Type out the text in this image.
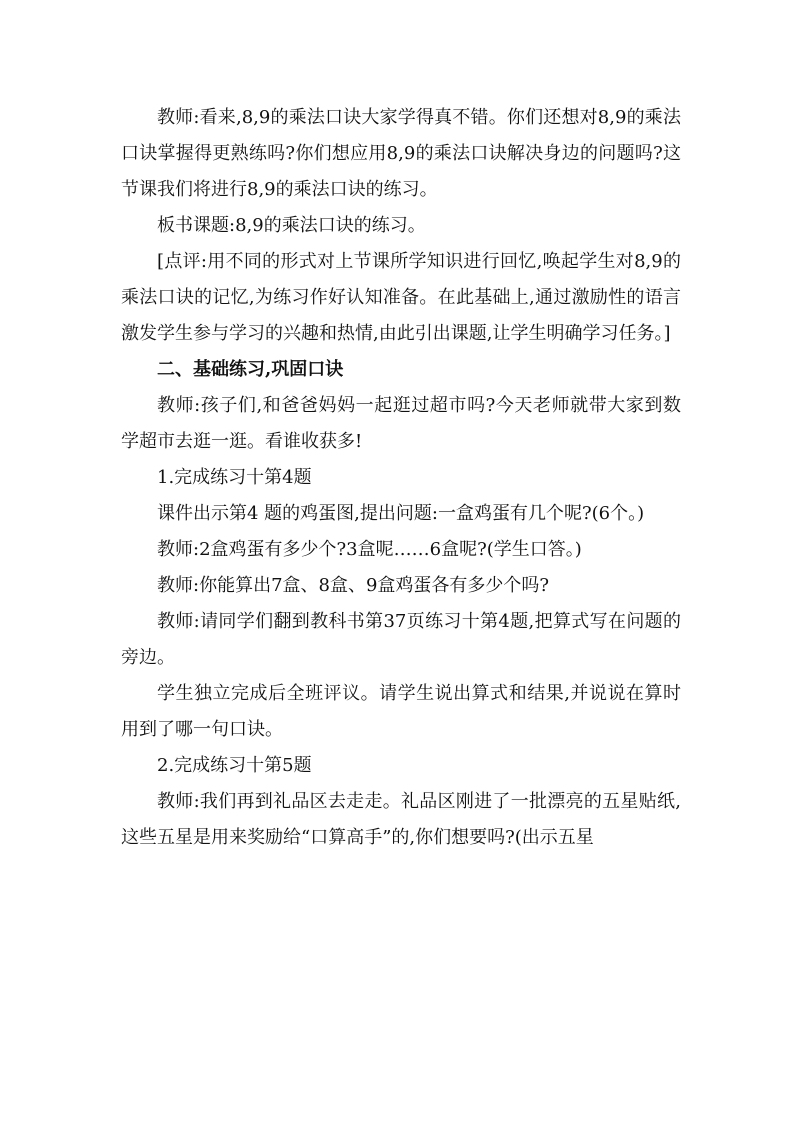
教师:看来,8,9的乘法口诀大家学得真不错。你们还想对8,9的乘法口诀掌握得更熟练吗?你们想应用8,9的乘法口诀解决身边的问题吗?这节课我们将进行8,9的乘法口诀的练习。

板书课题:8,9的乘法口诀的练习。

[点评:用不同的形式对上节课所学知识进行回忆,唤起学生对8,9的乘法口诀的记忆,为练习作好认知准备。在此基础上,通过激励性的语言激发学生参与学习的兴趣和热情,由此引出课题,让学生明确学习任务。]

二、基础练习,巩固口诀

教师:孩子们,和爸爸妈妈一起逛过超市吗?今天老师就带大家到数学超市去逛一逛。看谁收获多!

1.完成练习十第4题

课件出示第4 题的鸡蛋图,提出问题:一盒鸡蛋有几个呢?(6个。)

教师:2盒鸡蛋有多少个?3盒呢……6盒呢?(学生口答。)

教师:你能算出7盒、8盒、9盒鸡蛋各有多少个吗?

教师:请同学们翻到教科书第37页练习十第4题,把算式写在问题的旁边。

学生独立完成后全班评议。请学生说出算式和结果,并说说在算时用到了哪一句口诀。

2.完成练习十第5题

教师:我们再到礼品区去走走。礼品区刚进了一批漂亮的五星贴纸,这些五星是用来奖励给“口算高手”的,你们想要吗?(出示五星
